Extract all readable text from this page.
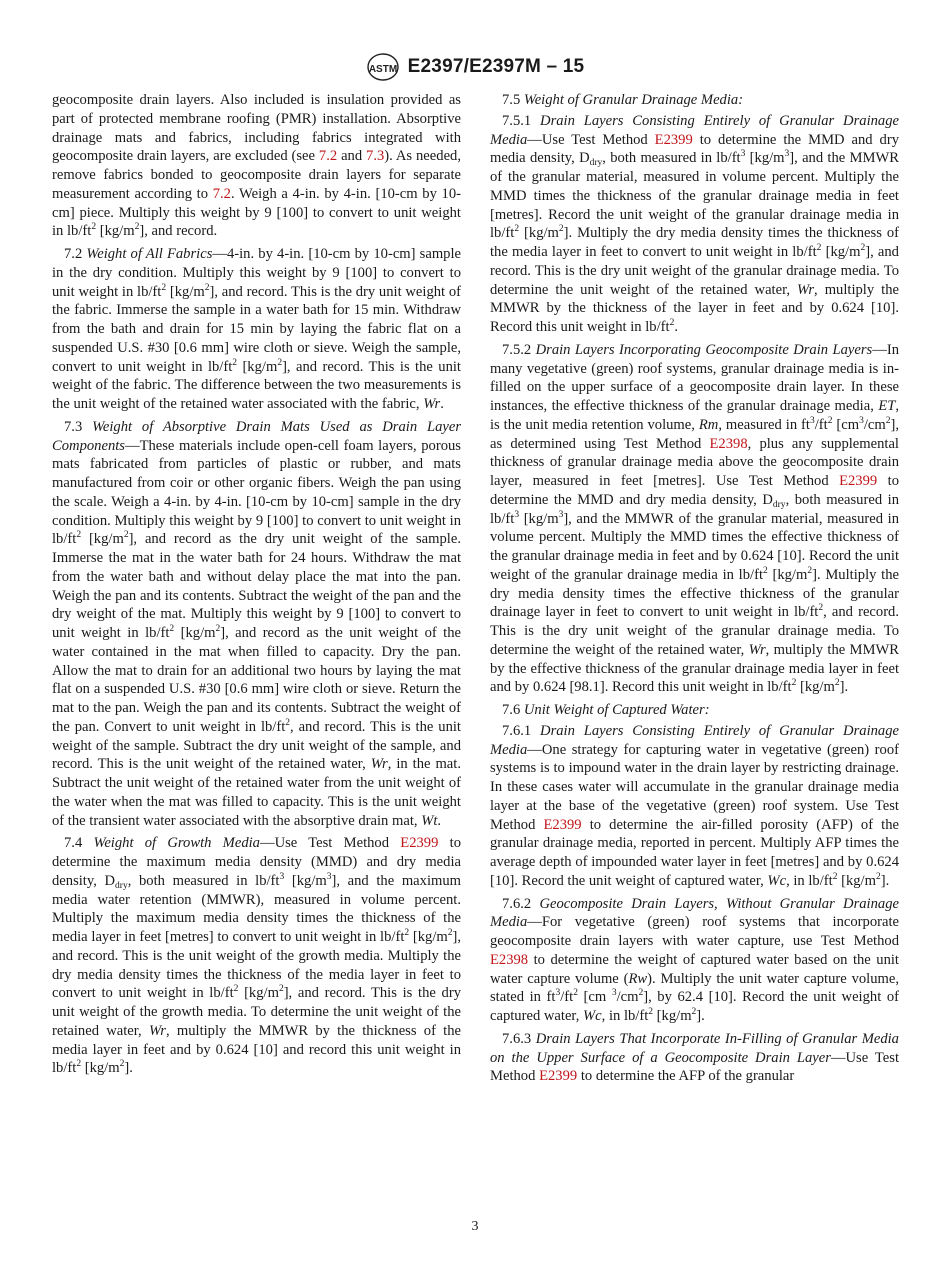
ASTM E2397/E2397M – 15

geocomposite drain layers. Also included is insulation provided as part of protected membrane roofing (PMR) installation. Absorptive drainage mats and fabrics, including fabrics integrated with geocomposite drain layers, are excluded (see 7.2 and 7.3). As needed, remove fabrics bonded to geocomposite drain layers for separate measurement according to 7.2. Weigh a 4-in. by 4-in. [10-cm by 10-cm] piece. Multiply this weight by 9 [100] to convert to unit weight in $lb/ft^2$ $[kg/m^2]$, and record.

7.2 Weight of All Fabrics—4-in. by 4-in. [10-cm by 10-cm] sample in the dry condition. Multiply this weight by 9 [100] to convert to unit weight in $lb/ft^2$ $[kg/m^2]$, and record. This is the dry unit weight of the fabric. Immerse the sample in a water bath for 15 min. Withdraw from the bath and drain for 15 min by laying the fabric flat on a suspended U.S. #30 [0.6 mm] wire cloth or sieve. Weigh the sample, convert to unit weight in $lb/ft^2$ $[kg/m^2]$, and record. This is the unit weight of the fabric. The difference between the two measurements is the unit weight of the retained water associated with the fabric, Wr.

7.3 Weight of Absorptive Drain Mats Used as Drain Layer Components—These materials include open-cell foam layers, porous mats fabricated from particles of plastic or rubber, and mats manufactured from coir or other organic fibers. Weigh the pan using the scale. Weigh a 4-in. by 4-in. [10-cm by 10-cm] sample in the dry condition. Multiply this weight by 9 [100] to convert to unit weight in $lb/ft^2$ $[kg/m^2]$, and record as the dry unit weight of the sample. Immerse the mat in the water bath for 24 hours. Withdraw the mat from the water bath and without delay place the mat into the pan. Weigh the pan and its contents. Subtract the weight of the pan and the dry weight of the mat. Multiply this weight by 9 [100] to convert to unit weight in $lb/ft^2$ $[kg/m^2]$, and record as the unit weight of the water contained in the mat when filled to capacity. Dry the pan. Allow the mat to drain for an additional two hours by laying the mat flat on a suspended U.S. #30 [0.6 mm] wire cloth or sieve. Return the mat to the pan. Weigh the pan and its contents. Subtract the weight of the pan. Convert to unit weight in $lb/ft^2$, and record. This is the unit weight of the sample. Subtract the dry unit weight of the sample, and record. This is the unit weight of the retained water, Wr, in the mat. Subtract the unit weight of the retained water from the unit weight of the water when the mat was filled to capacity. This is the unit weight of the transient water associated with the absorptive drain mat, Wt.

7.4 Weight of Growth Media—Use Test Method E2399 to determine the maximum media density (MMD) and dry media density, $D_{dry}$, both measured in $lb/ft^3$ $[kg/m^3]$, and the maximum media water retention (MMWR), measured in volume percent. Multiply the maximum media density times the thickness of the media layer in feet [metres] to convert to unit weight in $lb/ft^2$ $[kg/m^2]$, and record. This is the unit weight of the growth media. Multiply the dry media density times the thickness of the media layer in feet to convert to unit weight in $lb/ft^2$ $[kg/m^2]$, and record. This is the dry unit weight of the growth media. To determine the unit weight of the retained water, Wr, multiply the MMWR by the thickness of the media layer in feet and by 0.624 [10] and record this unit weight in $lb/ft^2$ $[kg/m^2]$.

7.5 Weight of Granular Drainage Media:

7.5.1 Drain Layers Consisting Entirely of Granular Drainage Media—Use Test Method E2399 to determine the MMD and dry media density, $D_{dry}$, both measured in $lb/ft^3$ $[kg/m^3]$, and the MMWR of the granular material, measured in volume percent. Multiply the MMD times the thickness of the granular drainage media in feet [metres]. Record the unit weight of the granular drainage media in $lb/ft^2$ $[kg/m^2]$. Multiply the dry media density times the thickness of the media layer in feet to convert to unit weight in $lb/ft^2$ $[kg/m^2]$, and record. This is the dry unit weight of the granular drainage media. To determine the unit weight of the retained water, Wr, multiply the MMWR by the thickness of the layer in feet and by 0.624 [10]. Record this unit weight in $lb/ft^2$.

7.5.2 Drain Layers Incorporating Geocomposite Drain Layers—In many vegetative (green) roof systems, granular drainage media is in-filled on the upper surface of a geocomposite drain layer. In these instances, the effective thickness of the granular drainage media, ET, is the unit media retention volume, Rm, measured in $ft^3/ft^2$ $[cm^3/cm^2]$, as determined using Test Method E2398, plus any supplemental thickness of granular drainage media above the geocomposite drain layer, measured in feet [metres]. Use Test Method E2399 to determine the MMD and dry media density, $D_{dry}$, both measured in $lb/ft^3$ $[kg/m^3]$, and the MMWR of the granular material, measured in volume percent. Multiply the MMD times the effective thickness of the granular drainage media in feet and by 0.624 [10]. Record the unit weight of the granular drainage media in $lb/ft^2$ $[kg/m^2]$. Multiply the dry media density times the effective thickness of the granular drainage layer in feet to convert to unit weight in $lb/ft^2$, and record. This is the dry unit weight of the granular drainage media. To determine the weight of the retained water, Wr, multiply the MMWR by the effective thickness of the granular drainage media layer in feet and by 0.624 [98.1]. Record this unit weight in $lb/ft^2$ $[kg/m^2]$.

7.6 Unit Weight of Captured Water:

7.6.1 Drain Layers Consisting Entirely of Granular Drainage Media—One strategy for capturing water in vegetative (green) roof systems is to impound water in the drain layer by restricting drainage. In these cases water will accumulate in the granular drainage media layer at the base of the vegetative (green) roof system. Use Test Method E2399 to determine the air-filled porosity (AFP) of the granular drainage media, reported in percent. Multiply AFP times the average depth of impounded water layer in feet [metres] and by 0.624 [10]. Record the unit weight of captured water, Wc, in $lb/ft^2$ $[kg/m^2]$.

7.6.2 Geocomposite Drain Layers, Without Granular Drainage Media—For vegetative (green) roof systems that incorporate geocomposite drain layers with water capture, use Test Method E2398 to determine the weight of captured water based on the unit water capture volume (Rw). Multiply the unit water capture volume, stated in $ft^3/ft^2$ [cm $^3/cm^2$], by 62.4 [10]. Record the unit weight of captured water, Wc, in $lb/ft^2$ $[kg/m^2]$.

7.6.3 Drain Layers That Incorporate In-Filling of Granular Media on the Upper Surface of a Geocomposite Drain Layer—Use Test Method E2399 to determine the AFP of the granular

3
